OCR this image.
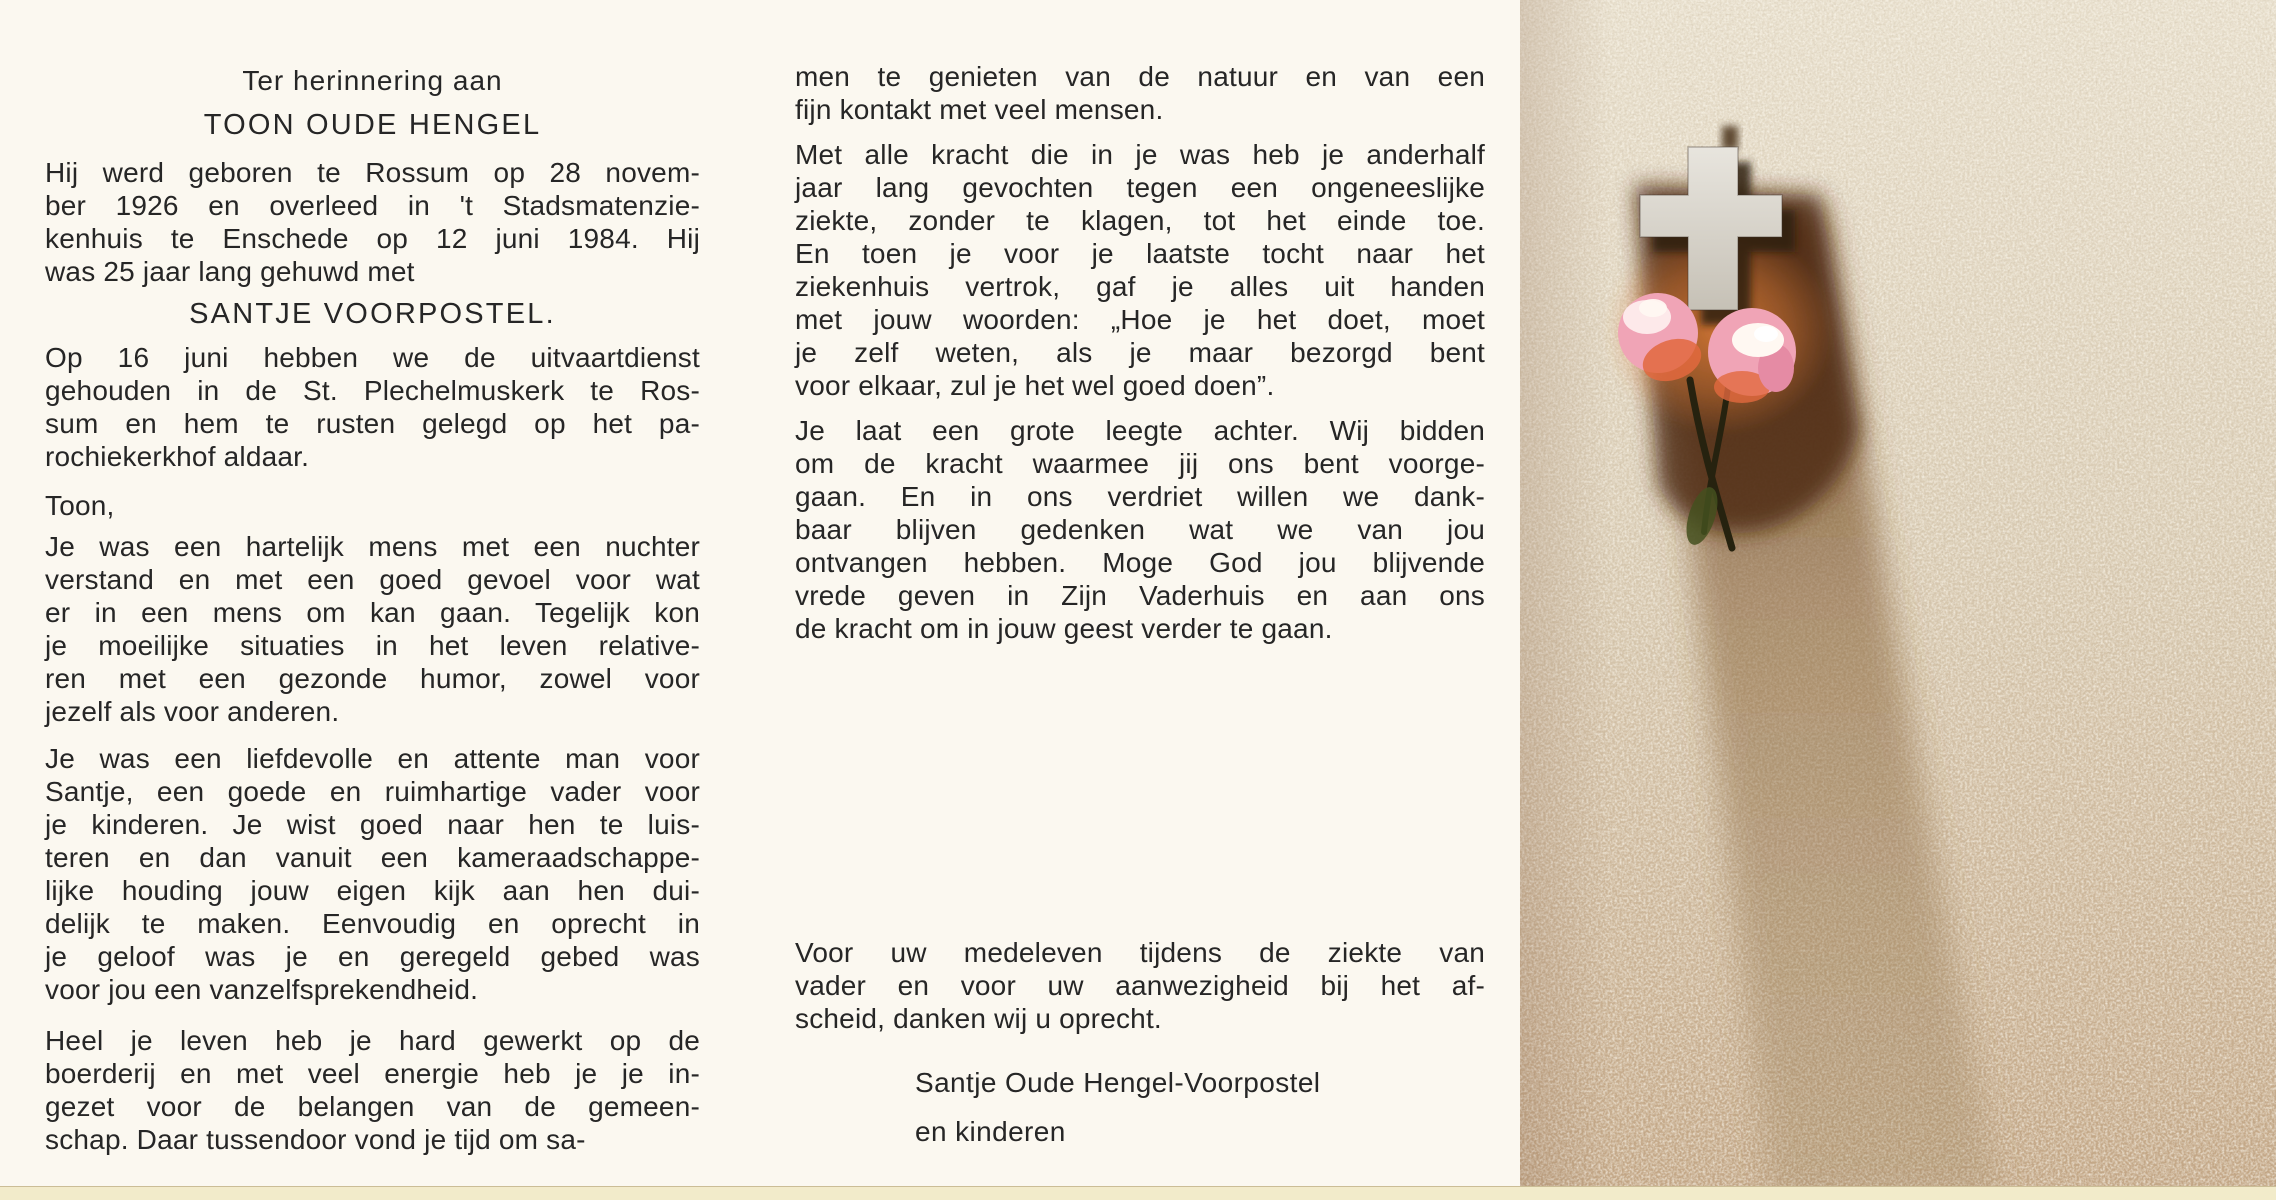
Ter herinnering aan
TOON OUDE HENGEL
Hij werd geboren te Rossum op 28 novem-
ber 1926 en overleed in 't Stadsmatenzie-
kenhuis te Enschede op 12 juni 1984. Hij
was 25 jaar lang gehuwd met
SANTJE VOORPOSTEL.
Op 16 juni hebben we de uitvaartdienst
gehouden in de St. Plechelmuskerk te Ros-
sum en hem te rusten gelegd op het pa-
rochiekerkhof aldaar.
Toon,
Je was een hartelijk mens met een nuchter
verstand en met een goed gevoel voor wat
er in een mens om kan gaan. Tegelijk kon
je moeilijke situaties in het leven relative-
ren met een gezonde humor, zowel voor
jezelf als voor anderen.
Je was een liefdevolle en attente man voor
Santje, een goede en ruimhartige vader voor
je kinderen. Je wist goed naar hen te luis-
teren en dan vanuit een kameraadschappe-
lijke houding jouw eigen kijk aan hen dui-
delijk te maken. Eenvoudig en oprecht in
je geloof was je en geregeld gebed was
voor jou een vanzelfsprekendheid.
Heel je leven heb je hard gewerkt op de
boerderij en met veel energie heb je je in-
gezet voor de belangen van de gemeen-
schap. Daar tussendoor vond je tijd om sa-
men te genieten van de natuur en van een
fijn kontakt met veel mensen.
Met alle kracht die in je was heb je anderhalf
jaar lang gevochten tegen een ongeneeslijke
ziekte, zonder te klagen, tot het einde toe.
En toen je voor je laatste tocht naar het
ziekenhuis vertrok, gaf je alles uit handen
met jouw woorden: „Hoe je het doet, moet
je zelf weten, als je maar bezorgd bent
voor elkaar, zul je het wel goed doen”.
Je laat een grote leegte achter. Wij bidden
om de kracht waarmee jij ons bent voorge-
gaan. En in ons verdriet willen we dank-
baar blijven gedenken wat we van jou
ontvangen hebben. Moge God jou blijvende
vrede geven in Zijn Vaderhuis en aan ons
de kracht om in jouw geest verder te gaan.
Voor uw medeleven tijdens de ziekte van
vader en voor uw aanwezigheid bij het af-
scheid, danken wij u oprecht.
Santje Oude Hengel-Voorpostel
en kinderen
